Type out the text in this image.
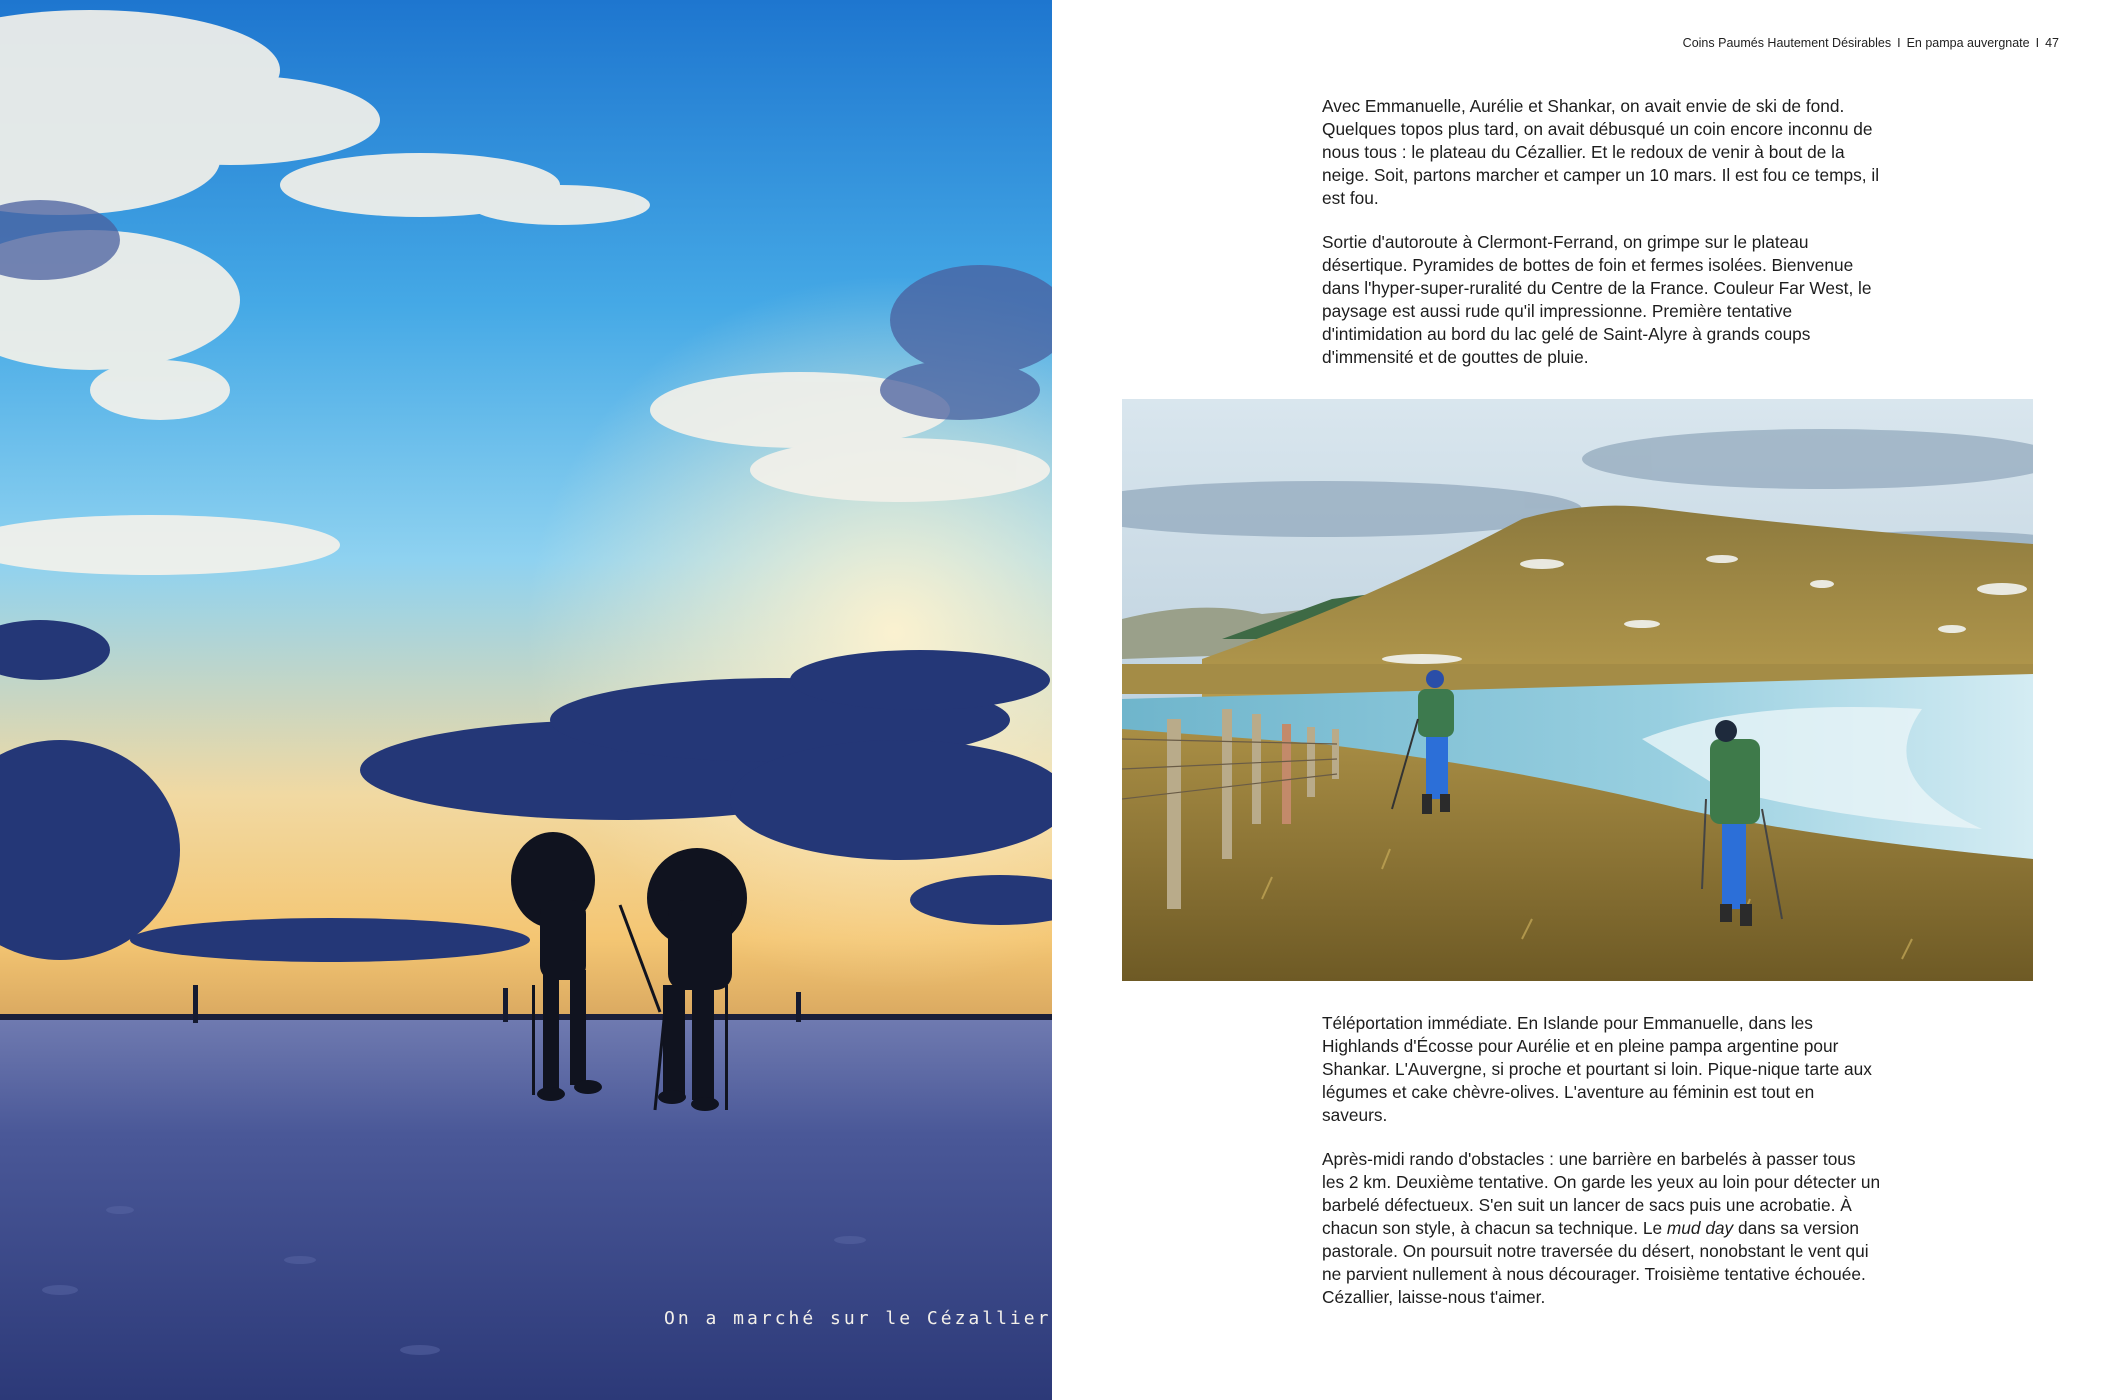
On a marché sur le Cézallier
Coins Paumés Hautement Désirables I En pampa auvergnate I 47

Avec Emmanuelle, Aurélie et Shankar, on avait envie de ski de fond. Quelques topos plus tard, on avait débusqué un coin encore inconnu de nous tous : le plateau du Cézallier. Et le redoux de venir à bout de la neige. Soit, partons marcher et camper un 10 mars. Il est fou ce temps, il est fou.

Sortie d'autoroute à Clermont-Ferrand, on grimpe sur le plateau désertique. Pyramides de bottes de foin et fermes isolées. Bienvenue dans l'hyper-super-ruralité du Centre de la France. Couleur Far West, le paysage est aussi rude qu'il impressionne. Première tentative d'intimidation au bord du lac gelé de Saint-Alyre à grands coups d'immensité et de gouttes de pluie.

Téléportation immédiate. En Islande pour Emmanuelle, dans les Highlands d'Écosse pour Aurélie et en pleine pampa argentine pour Shankar. L'Auvergne, si proche et pourtant si loin. Pique-nique tarte aux légumes et cake chèvre-olives. L'aventure au féminin est tout en saveurs.

Après-midi rando d'obstacles : une barrière en barbelés à passer tous les 2 km. Deuxième tentative. On garde les yeux au loin pour détecter un barbelé défectueux. S'en suit un lancer de sacs puis une acrobatie. À chacun son style, à chacun sa technique. Le mud day dans sa version pastorale. On poursuit notre traversée du désert, nonobstant le vent qui ne parvient nullement à nous décourager. Troisième tentative échouée. Cézallier, laisse-nous t'aimer.
